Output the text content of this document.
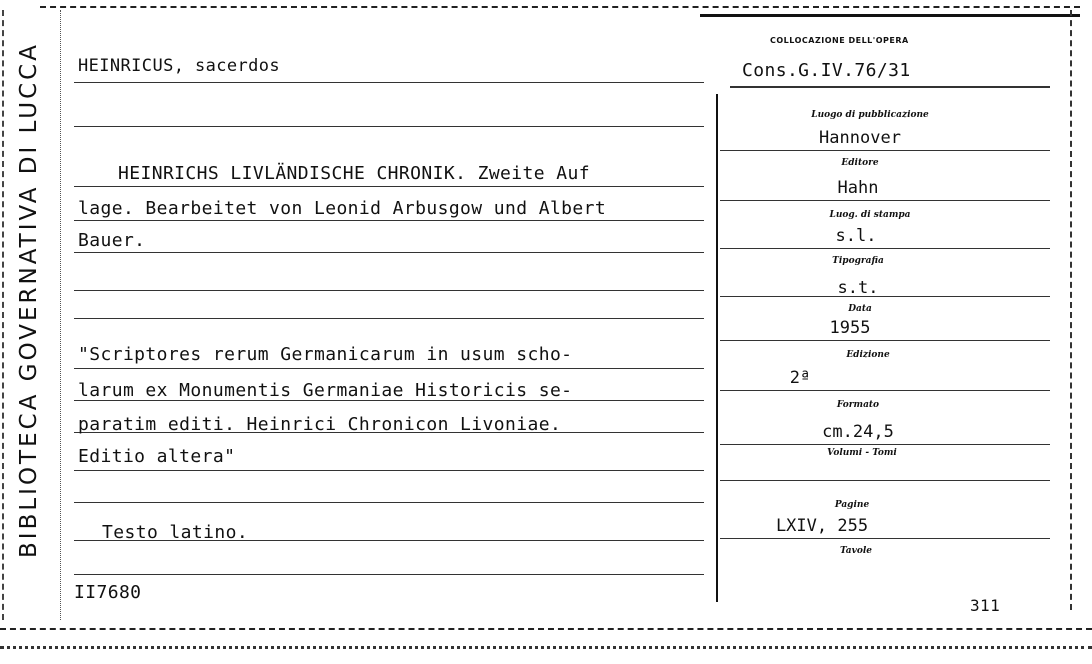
BIBLIOTECA GOVERNATIVA DI LUCCA HEINRICUS, sacerdos
HEINRICHS LIVLÄNDISCHE CHRONIK. Zweite Auf
lage. Bearbeitet von Leonid Arbusgow und Albert
Bauer.
"Scriptores rerum Germanicarum in usum scho-
larum ex Monumentis Germaniae Historicis se-
paratim editi. Heinrici Chronicon Livoniae.
Editio altera"
Testo latino.
II7680
COLLOCAZIONE DELL'OPERA
Cons.G.IV.76/31
Luogo di pubblicazione
Hannover
Editore
Hahn
Luog. di stampa
s.l.
Tipografia
s.t.
Data
1955
Edizione
2ª
Formato
cm.24,5
Volumi - Tomi
Pagine
LXIV, 255
Tavole
311
